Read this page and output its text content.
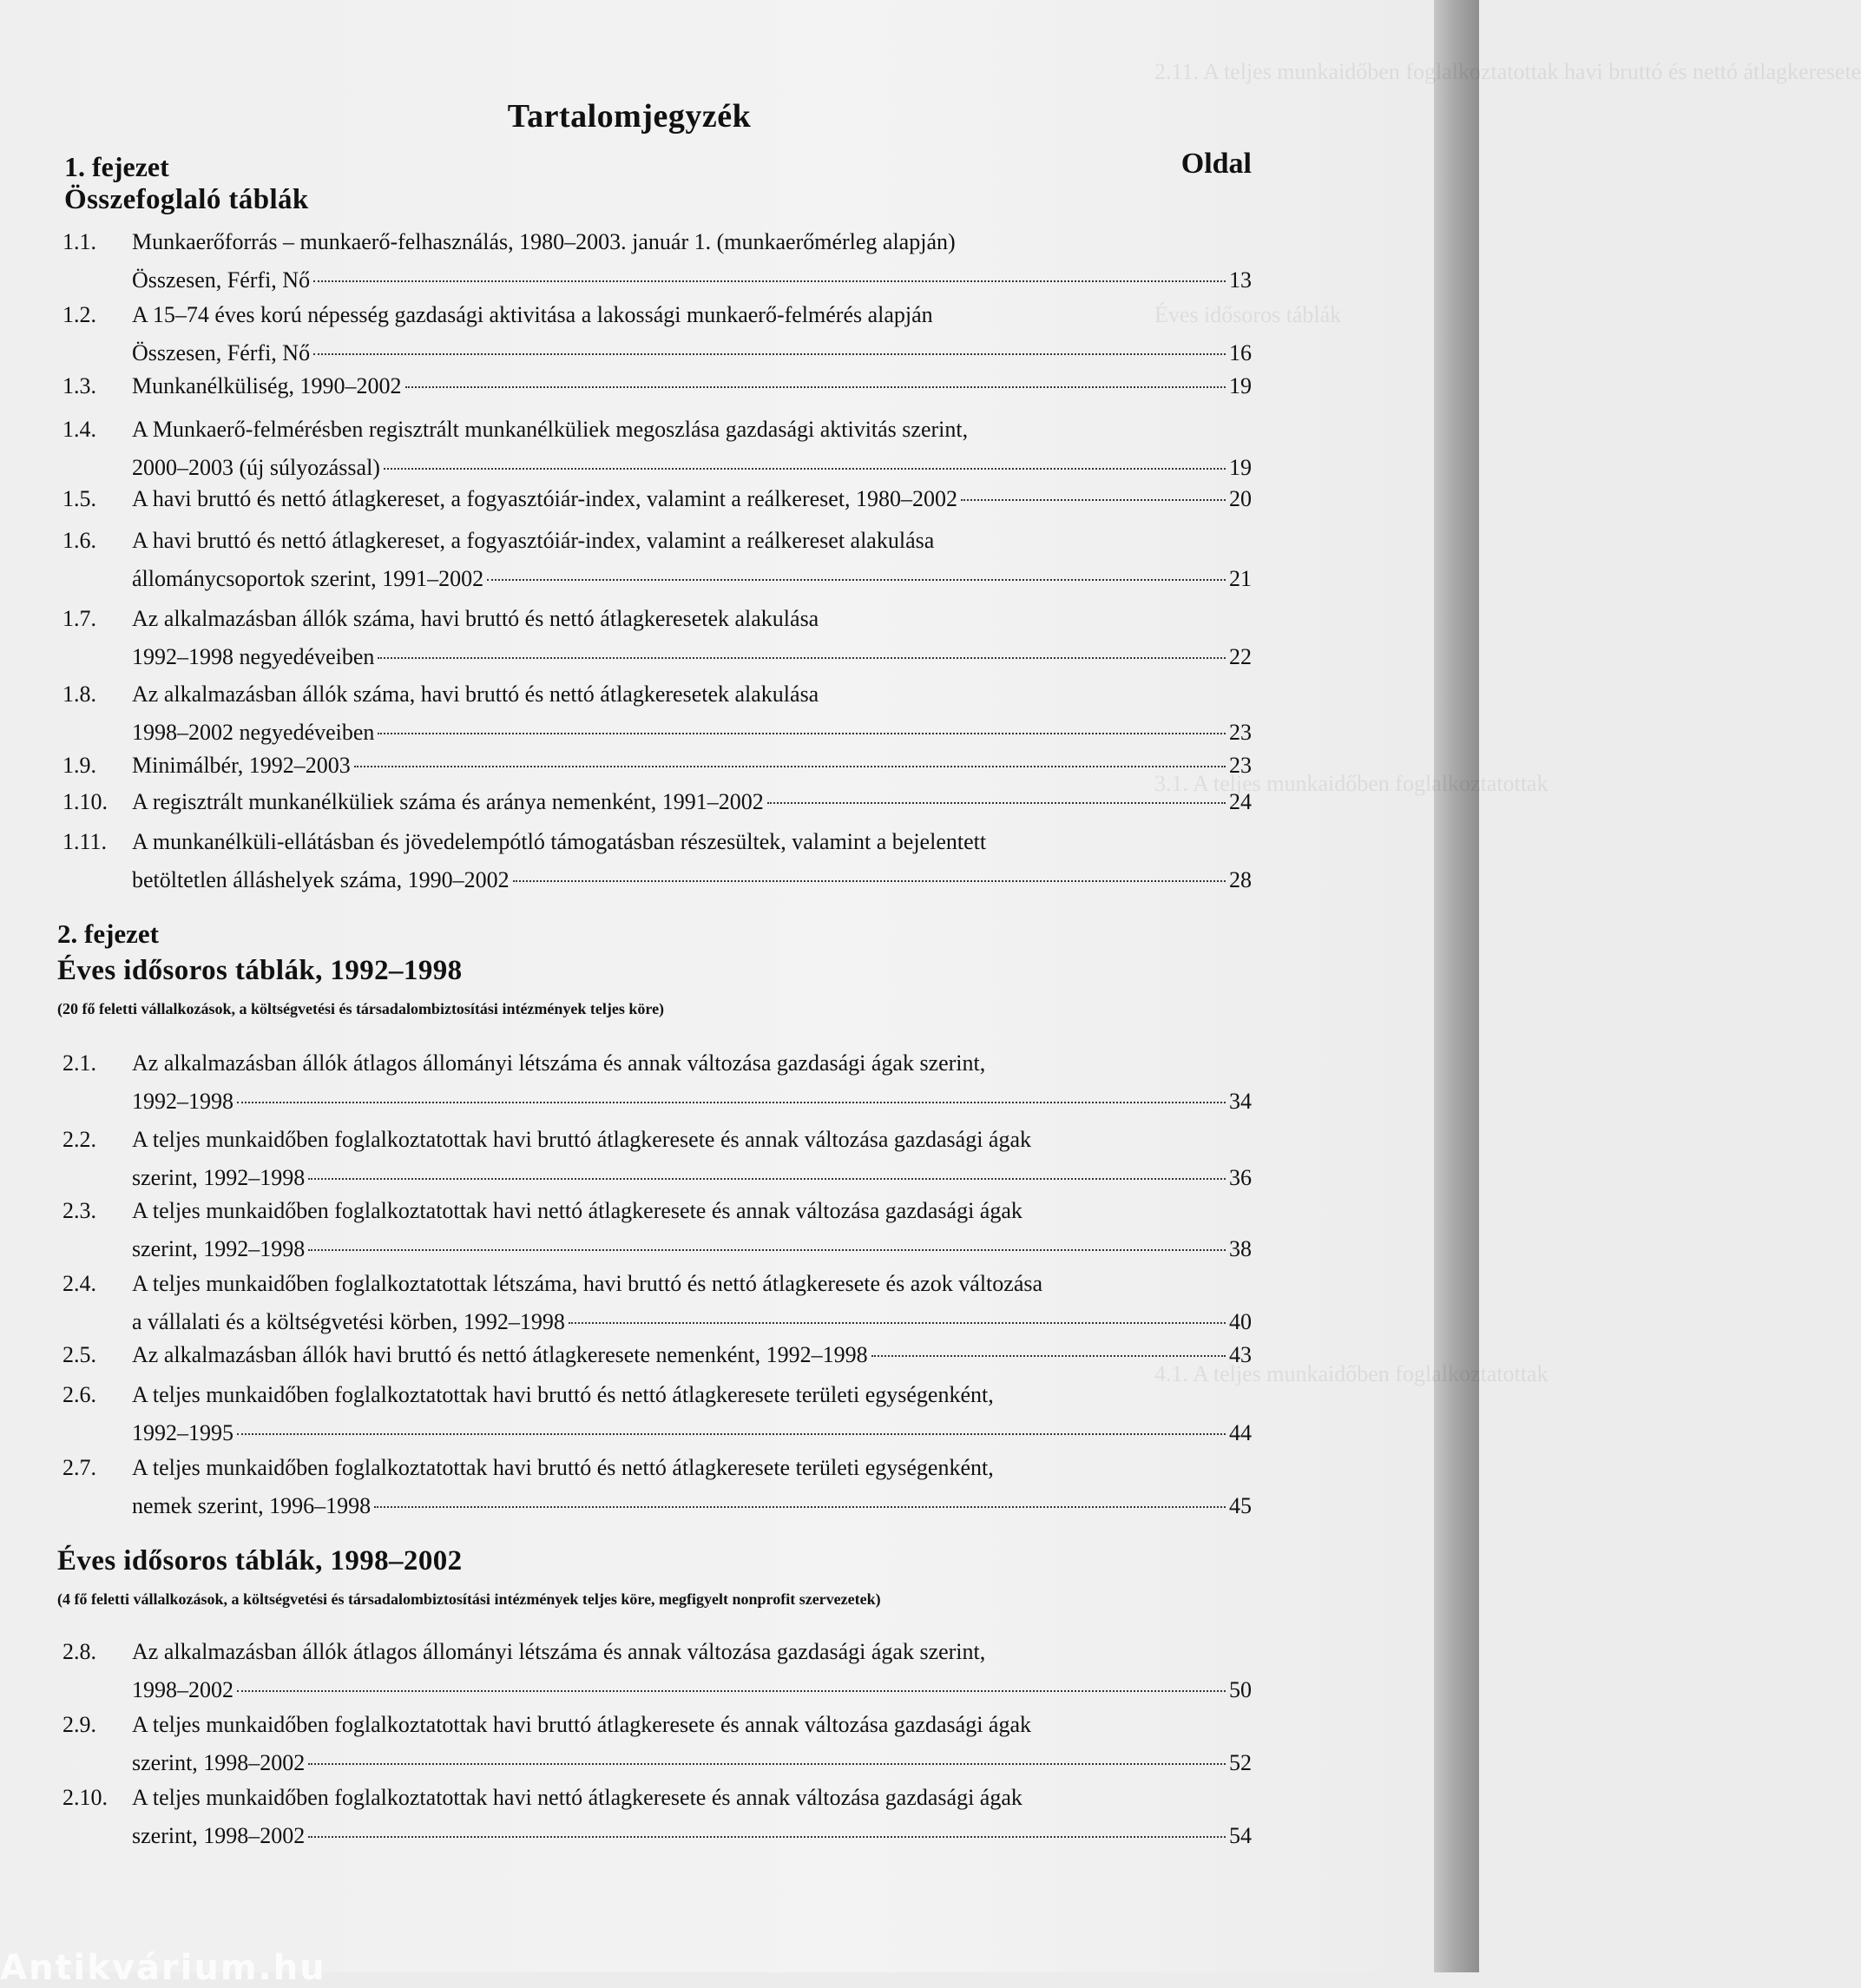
2.11. A teljes munkaidőben foglalkoztatottak havi bruttó és nettó átlagkeresete
Éves idősoros táblák
3.1. A teljes munkaidőben foglalkoztatottak
4.1. A teljes munkaidőben foglalkoztatottak
Tartalomjegyzék
Oldal
1. fejezet
Összefoglaló táblák
1.1. Munkaerőforrás – munkaerő-felhasználás, 1980–2003. január 1. (munkaerőmérleg alapján)
Összesen, Férfi, Nő	13
1.2. A 15–74 éves korú népesség gazdasági aktivitása a lakossági munkaerő-felmérés alapján
Összesen, Férfi, Nő	16
1.3. Munkanélküliség, 1990–2002	19
1.4. A Munkaerő-felmérésben regisztrált munkanélküliek megoszlása gazdasági aktivitás szerint,
2000–2003 (új súlyozással)	19
1.5. A havi bruttó és nettó átlagkereset, a fogyasztóiár-index, valamint a reálkereset, 1980–2002	20
1.6. A havi bruttó és nettó átlagkereset, a fogyasztóiár-index, valamint a reálkereset alakulása
állománycsoportok szerint, 1991–2002	21
1.7. Az alkalmazásban állók száma, havi bruttó és nettó átlagkeresetek alakulása
1992–1998 negyedéveiben	22
1.8. Az alkalmazásban állók száma, havi bruttó és nettó átlagkeresetek alakulása
1998–2002 negyedéveiben	23
1.9. Minimálbér, 1992–2003	23
1.10. A regisztrált munkanélküliek száma és aránya nemenként, 1991–2002	24
1.11. A munkanélküli-ellátásban és jövedelempótló támogatásban részesültek, valamint a bejelentett
betöltetlen álláshelyek száma, 1990–2002	28
2. fejezet
Éves idősoros táblák, 1992–1998
(20 fő feletti vállalkozások, a költségvetési és társadalombiztosítási intézmények teljes köre)
2.1. Az alkalmazásban állók átlagos állományi létszáma és annak változása gazdasági ágak szerint,
1992–1998	34
2.2. A teljes munkaidőben foglalkoztatottak havi bruttó átlagkeresete és annak változása gazdasági ágak
szerint, 1992–1998	36
2.3. A teljes munkaidőben foglalkoztatottak havi nettó átlagkeresete és annak változása gazdasági ágak
szerint, 1992–1998	38
2.4. A teljes munkaidőben foglalkoztatottak létszáma, havi bruttó és nettó átlagkeresete és azok változása
a vállalati és a költségvetési körben, 1992–1998	40
2.5. Az alkalmazásban állók havi bruttó és nettó átlagkeresete nemenként, 1992–1998	43
2.6. A teljes munkaidőben foglalkoztatottak havi bruttó és nettó átlagkeresete területi egységenként,
1992–1995	44
2.7. A teljes munkaidőben foglalkoztatottak havi bruttó és nettó átlagkeresete területi egységenként,
nemek szerint, 1996–1998	45
Éves idősoros táblák, 1998–2002
(4 fő feletti vállalkozások, a költségvetési és társadalombiztosítási intézmények teljes köre, megfigyelt nonprofit szervezetek)
2.8. Az alkalmazásban állók átlagos állományi létszáma és annak változása gazdasági ágak szerint,
1998–2002	50
2.9. A teljes munkaidőben foglalkoztatottak havi bruttó átlagkeresete és annak változása gazdasági ágak
szerint, 1998–2002	52
2.10. A teljes munkaidőben foglalkoztatottak havi nettó átlagkeresete és annak változása gazdasági ágak
szerint, 1998–2002	54
Antikvárium.hu
